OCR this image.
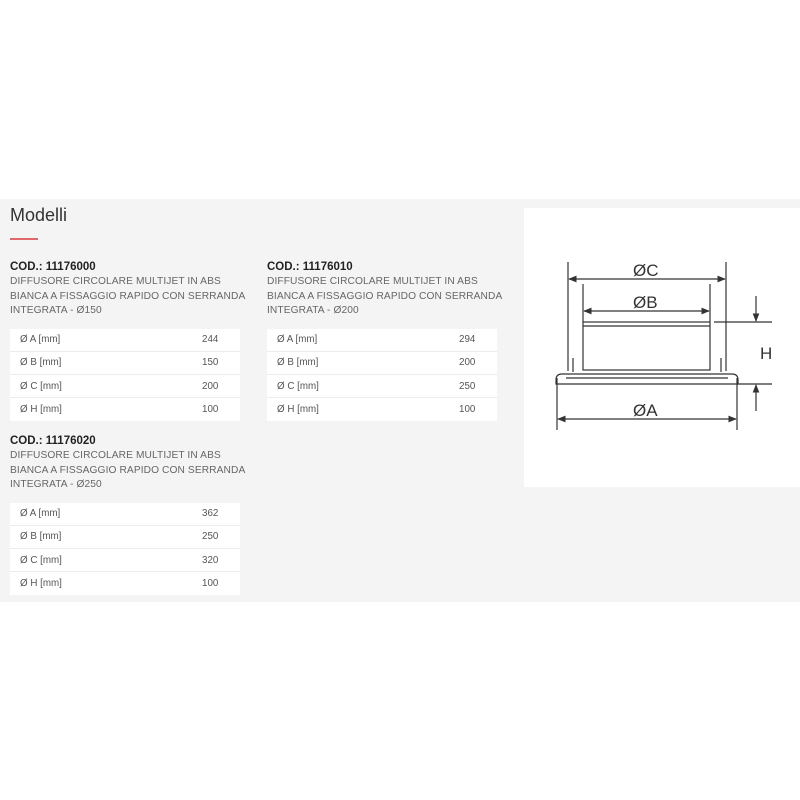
Modelli
COD.: 11176000
DIFFUSORE CIRCOLARE MULTIJET IN ABS BIANCA A FISSAGGIO RAPIDO CON SERRANDA INTEGRATA - Ø150
Ø A [mm]	244
Ø B [mm]	150
Ø C [mm]	200
Ø H [mm]	100
COD.: 11176010
DIFFUSORE CIRCOLARE MULTIJET IN ABS BIANCA A FISSAGGIO RAPIDO CON SERRANDA INTEGRATA - Ø200
Ø A [mm]	294
Ø B [mm]	200
Ø C [mm]	250
Ø H [mm]	100
COD.: 11176020
DIFFUSORE CIRCOLARE MULTIJET IN ABS BIANCA A FISSAGGIO RAPIDO CON SERRANDA INTEGRATA - Ø250
Ø A [mm]	362
Ø B [mm]	250
Ø C [mm]	320
Ø H [mm]	100
ØC
ØB
ØA
H
